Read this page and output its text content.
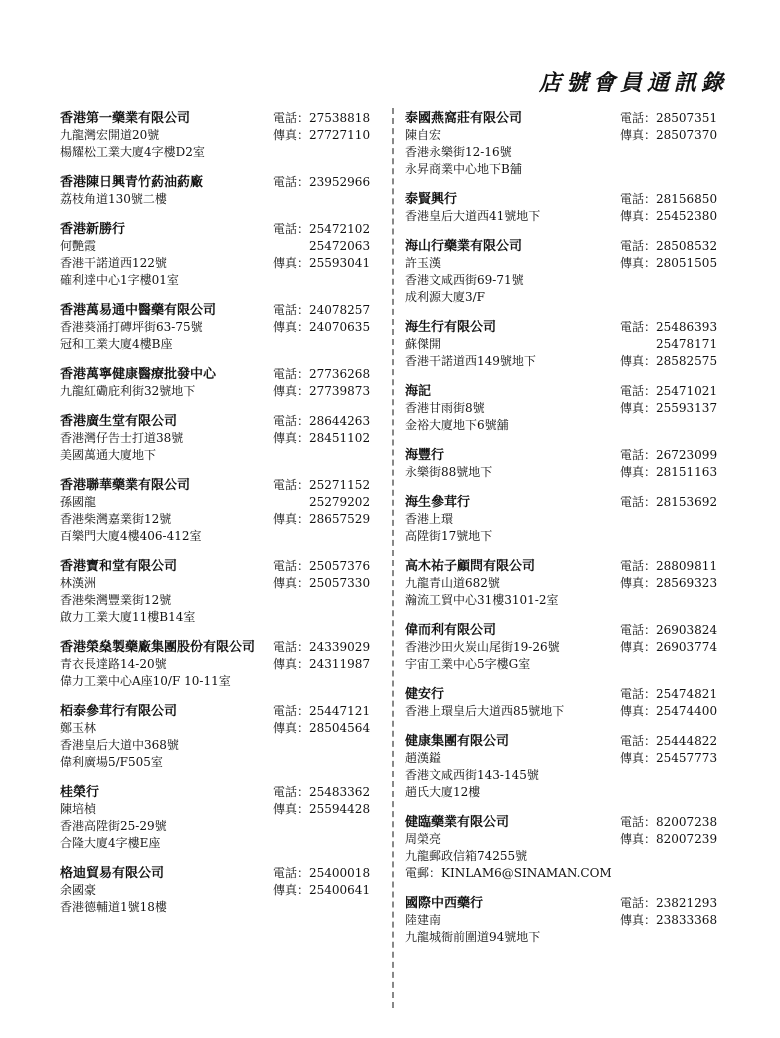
店號會員通訊錄
香港第一藥業有限公司
九龍灣宏開道20號
楊耀松工業大廈4字樓D2室
電話：27538818
傳真：27727110
香港陳日興青竹葯油葯廠
荔枝角道130號二樓
電話：23952966
香港新勝行
何艷霞
香港干諾道西122號
確利達中心1字樓01室
電話：25472102
25472063
傳真：25593041
香港萬易通中醫藥有限公司
香港葵涌打磚坪街63-75號
冠和工業大廈4樓B座
電話：24078257
傳真：24070635
香港萬寧健康醫療批發中心
九龍紅磡庇利街32號地下
電話：27736268
傳真：27739873
香港廣生堂有限公司
香港灣仔告士打道38號
美國萬通大廈地下
電話：28644263
傳真：28451102
香港聯華藥業有限公司
孫國龍
香港柴灣嘉業街12號
百樂門大廈4樓406-412室
電話：25271152
25279202
傳真：28657529
香港寶和堂有限公司
林漢洲
香港柴灣豐業街12號
啟力工業大廈11樓B14室
電話：25057376
傳真：25057330
香港榮燊製藥廠集團股份有限公司
青衣長達路14-20號
偉力工業中心A座10/F 10-11室
電話：24339029
傳真：24311987
栢泰參茸行有限公司
鄭玉林
香港皇后大道中368號
偉利廣場5/F505室
電話：25447121
傳真：28504564
桂榮行
陳培楨
香港高陞街25-29號
合隆大廈4字樓E座
電話：25483362
傳真：25594428
格迪貿易有限公司
余國豪
香港德輔道1號18樓
電話：25400018
傳真：25400641
泰國燕窩莊有限公司
陳自宏
香港永樂街12-16號
永昇商業中心地下B舖
電話：28507351
傳真：28507370
泰賢興行
香港皇后大道西41號地下
電話：28156850
傳真：25452380
海山行藥業有限公司
許玉漢
香港文咸西街69-71號
成利源大廈3/F
電話：28508532
傳真：28051505
海生行有限公司
蘇傑開
香港干諾道西149號地下
電話：25486393
25478171
傳真：28582575
海記
香港甘雨街8號
金裕大廈地下6號舖
電話：25471021
傳真：25593137
海豐行
永樂街88號地下
電話：26723099
傳真：28151163
海生參茸行
香港上環
高陞街17號地下
電話：28153692
高木祐子顧問有限公司
九龍青山道682號
瀚流工貿中心31樓3101-2室
電話：28809811
傳真：28569323
偉而利有限公司
香港沙田火炭山尾街19-26號
宇宙工業中心5字樓G室
電話：26903824
傳真：26903774
健安行
香港上環皇后大道西85號地下
電話：25474821
傳真：25474400
健康集團有限公司
趙漢鎰
香港文咸西街143-145號
趙氏大廈12樓
電話：25444822
傳真：25457773
健臨藥業有限公司
周榮亮
九龍郵政信箱74255號
電郵：KINLAM6@SINAMAN.COM
電話：82007238
傳真：82007239
國際中西藥行
陸建南
九龍城衙前圍道94號地下
電話：23821293
傳真：23833368
